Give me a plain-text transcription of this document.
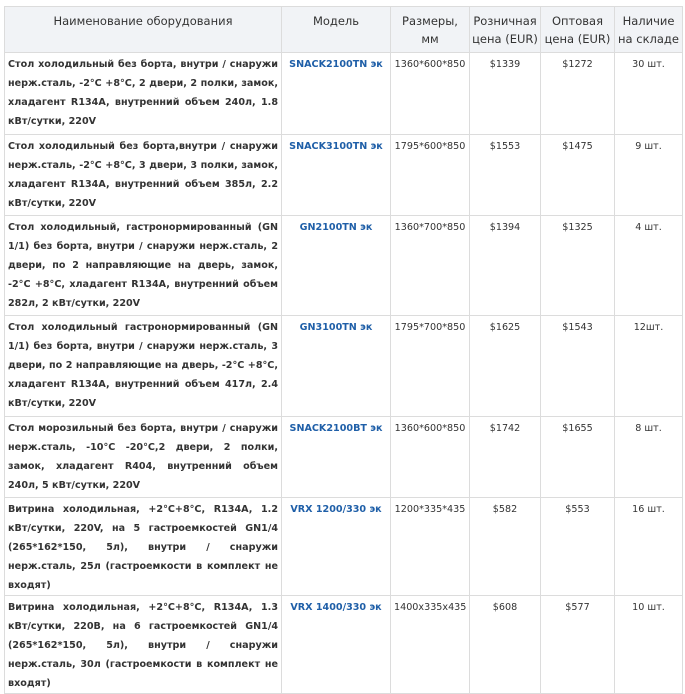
Наименование оборудования	Модель	Размеры, мм	Розничная цена (EUR)	Оптовая цена (EUR)	Наличие на складе
Стол холодильный без борта, внутри / снаружи нерж.сталь, -2°С +8°С, 2 двери, 2 полки, замок, хладагент R134A, внутренний объем 240л, 1.8 кВт/сутки, 220V	SNACK2100TN эк	1360*600*850	$1339	$1272	30 шт.
Стол холодильный без борта,внутри / снаружи нерж.сталь, -2°С +8°С, 3 двери, 3 полки, замок, хладагент R134A, внутренний объем 385л, 2.2 кВт/сутки, 220V	SNACK3100TN эк	1795*600*850	$1553	$1475	9 шт.
Стол холодильный, гастронормированный (GN 1/1) без борта, внутри / снаружи нерж.сталь, 2 двери, по 2 направляющие на дверь, замок, -2°С +8°С, хладагент R134A, внутренний объем 282л, 2 кВт/сутки, 220V	GN2100TN эк	1360*700*850	$1394	$1325	4 шт.
Стол холодильный гастронормированный (GN 1/1) без борта, внутри / снаружи нерж.сталь, 3 двери, по 2 направляющие на дверь, -2°С +8°С, хладагент R134A, внутренний объем 417л, 2.4 кВт/сутки, 220V	GN3100TN эк	1795*700*850	$1625	$1543	12шт.
Стол морозильный без борта, внутри / снаружи нерж.сталь, -10°С -20°С,2 двери, 2 полки, замок, хладагент R404, внутренний объем 240л, 5 кВт/сутки, 220V	SNACK2100BT эк	1360*600*850	$1742	$1655	8 шт.
Витрина холодильная, +2°С+8°С, R134A, 1.2 кВт/сутки, 220V, на 5 гастроемкостей GN1/4 (265*162*150, 5л), внутри / снаружи нерж.сталь, 25л (гастроемкости в комплект не входят)	VRX 1200/330 эк	1200*335*435	$582	$553	16 шт.
Витрина холодильная, +2°С+8°С, R134A, 1.3 кВт/сутки, 220В, на 6 гастроемкостей GN1/4 (265*162*150, 5л), внутри / снаружи нерж.сталь, 30л (гастроемкости в комплект не входят)	VRX 1400/330 эк	1400x335x435	$608	$577	10 шт.
